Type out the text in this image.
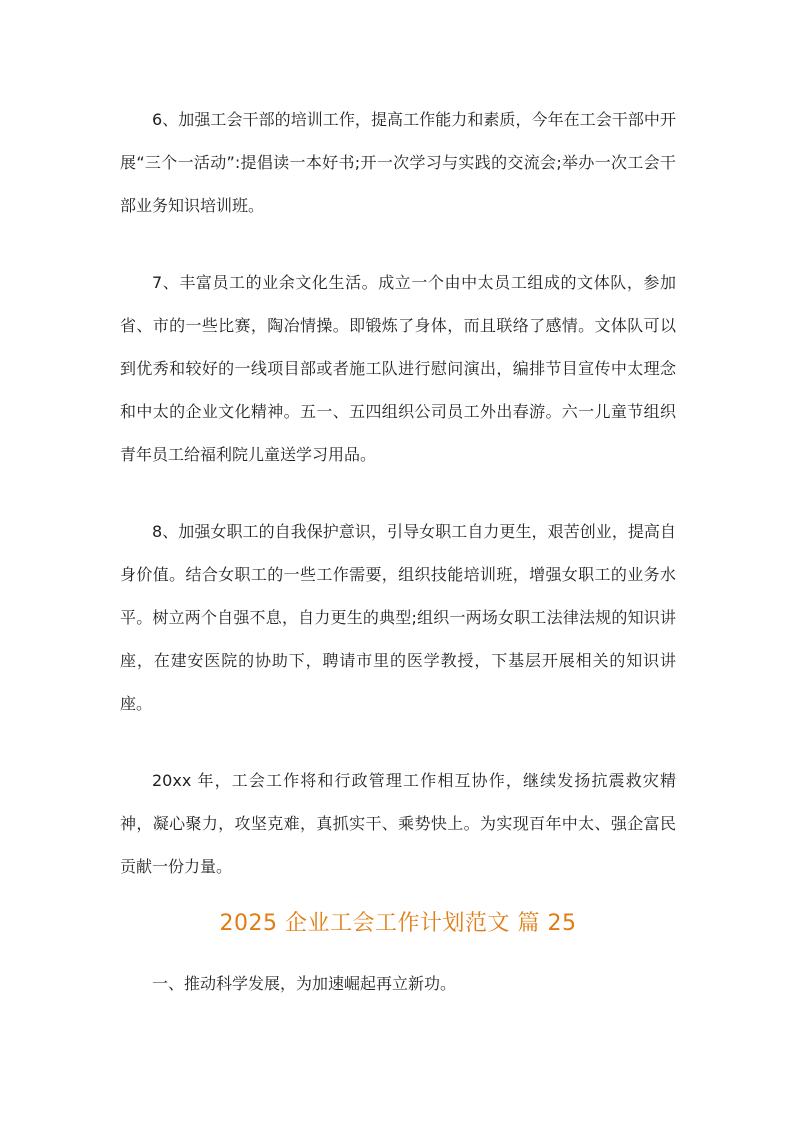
6、加强工会干部的培训工作，提高工作能力和素质，今年在工会干部中开展“三个一活动”:提倡读一本好书;开一次学习与实践的交流会;举办一次工会干部业务知识培训班。

7、丰富员工的业余文化生活。成立一个由中太员工组成的文体队，参加省、市的一些比赛，陶冶情操。即锻炼了身体，而且联络了感情。文体队可以到优秀和较好的一线项目部或者施工队进行慰问演出，编排节目宣传中太理念和中太的企业文化精神。五一、五四组织公司员工外出春游。六一儿童节组织青年员工给福利院儿童送学习用品。

8、加强女职工的自我保护意识，引导女职工自力更生，艰苦创业，提高自身价值。结合女职工的一些工作需要，组织技能培训班，增强女职工的业务水平。树立两个自强不息，自力更生的典型;组织一两场女职工法律法规的知识讲座，在建安医院的协助下，聘请市里的医学教授，下基层开展相关的知识讲座。

20xx 年，工会工作将和行政管理工作相互协作，继续发扬抗震救灾精神，凝心聚力，攻坚克难，真抓实干、乘势快上。为实现百年中太、强企富民贡献一份力量。

2025 企业工会工作计划范文 篇 25

一、推动科学发展，为加速崛起再立新功。
